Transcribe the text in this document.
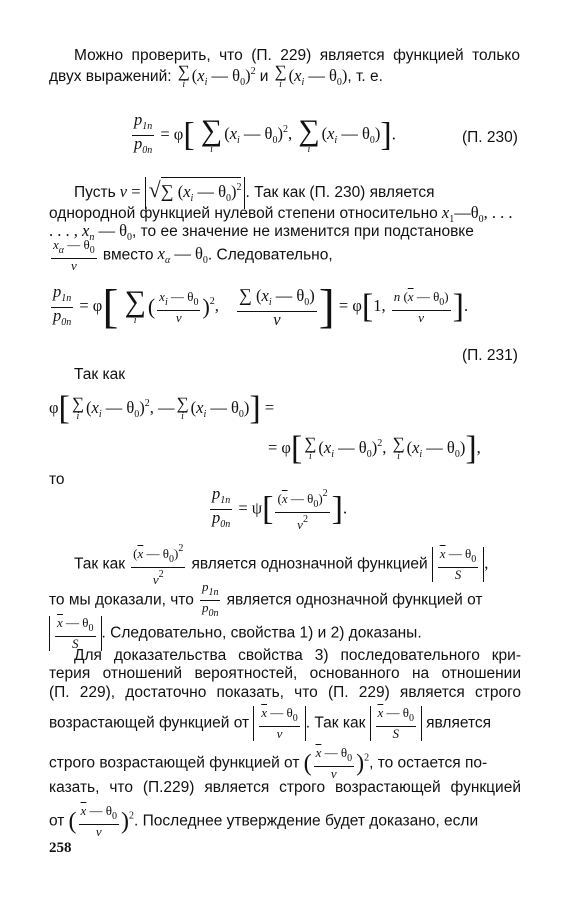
Можно проверить, что (П. 229) является функцией только
двух выражений: ∑
i ($x_i$ — $\theta_0)^2$ и ∑
i ($x_i$ — $\theta_0$), т. е.
$\frac{p_{1n}}{p_{0n}} = \varphi$[ ∑
i
($x_i$ — $\theta_0)^2$, ∑
i
($x_i$ — $\theta_0$)].	(П. 230)
Пусть v = √∑ ($x_i$ — $\theta_0)^2$ . Так как (П. 230) является
однородной функцией нулевой степени относительно $x_1—\theta_0$, . . .
. . . , $x_n$ — $\theta_0$, то ее значение не изменится при подстановке
$\frac{x_\alpha — \theta_0}{v}$ вместо $x_\alpha$ — $\theta_0$. Следовательно,
$\frac{p_{1n}}{p_{0n}} = \varphi$[ ∑
i
( $\frac{x_i — \theta_0}{v} )^2$, $\frac{\sum (x_i — \theta_0)}{v}$ ] = φ[1, $\frac{n (\overline{x} — \theta_0)}{v}$ ].
(П. 231)
Так как
φ[ ∑
i ($x_i$ — $\theta_0)^2$, — ∑
i ($x_i$ — $\theta_0$)] =
= φ[ ∑
i ($x_i$ — $\theta_0)^2$, ∑
i ($x_i$ — $\theta_0$)],
то
$\frac{p_{1n}}{p_{0n}} = \psi[ \frac{(\overline{x} — \theta_0)^2}{v^2}$ ].
Так как $\frac{(\overline{x} — \theta_0)^2}{v^2}$ является однозначной функцией $\frac{\overline{x} — \theta_0}{S}$ ,
то мы доказали, что $\frac{p_{1n}}{p_{0n}}$ является однозначной функцией от
$\frac{\overline{x} — \theta_0}{S}$ . Следовательно, свойства 1) и 2) доказаны.
Для доказательства свойства 3) последовательного кри-
терия отношений вероятностей, основанного на отношении
(П. 229), достаточно показать, что (П. 229) является строго
возрастающей функцией от $\frac{\overline{x} — \theta_0}{v}$ . Так как $\frac{\overline{x} — \theta_0}{S}$ является
строго возрастающей функцией от ( $\frac{\overline{x} — \theta_0}{v} )^2$, то остается по-
казать, что (П.229) является строго возрастающей функцией
от ( $\frac{\overline{x} — \theta_0}{v} )^2$. Последнее утверждение будет доказано, если
258
